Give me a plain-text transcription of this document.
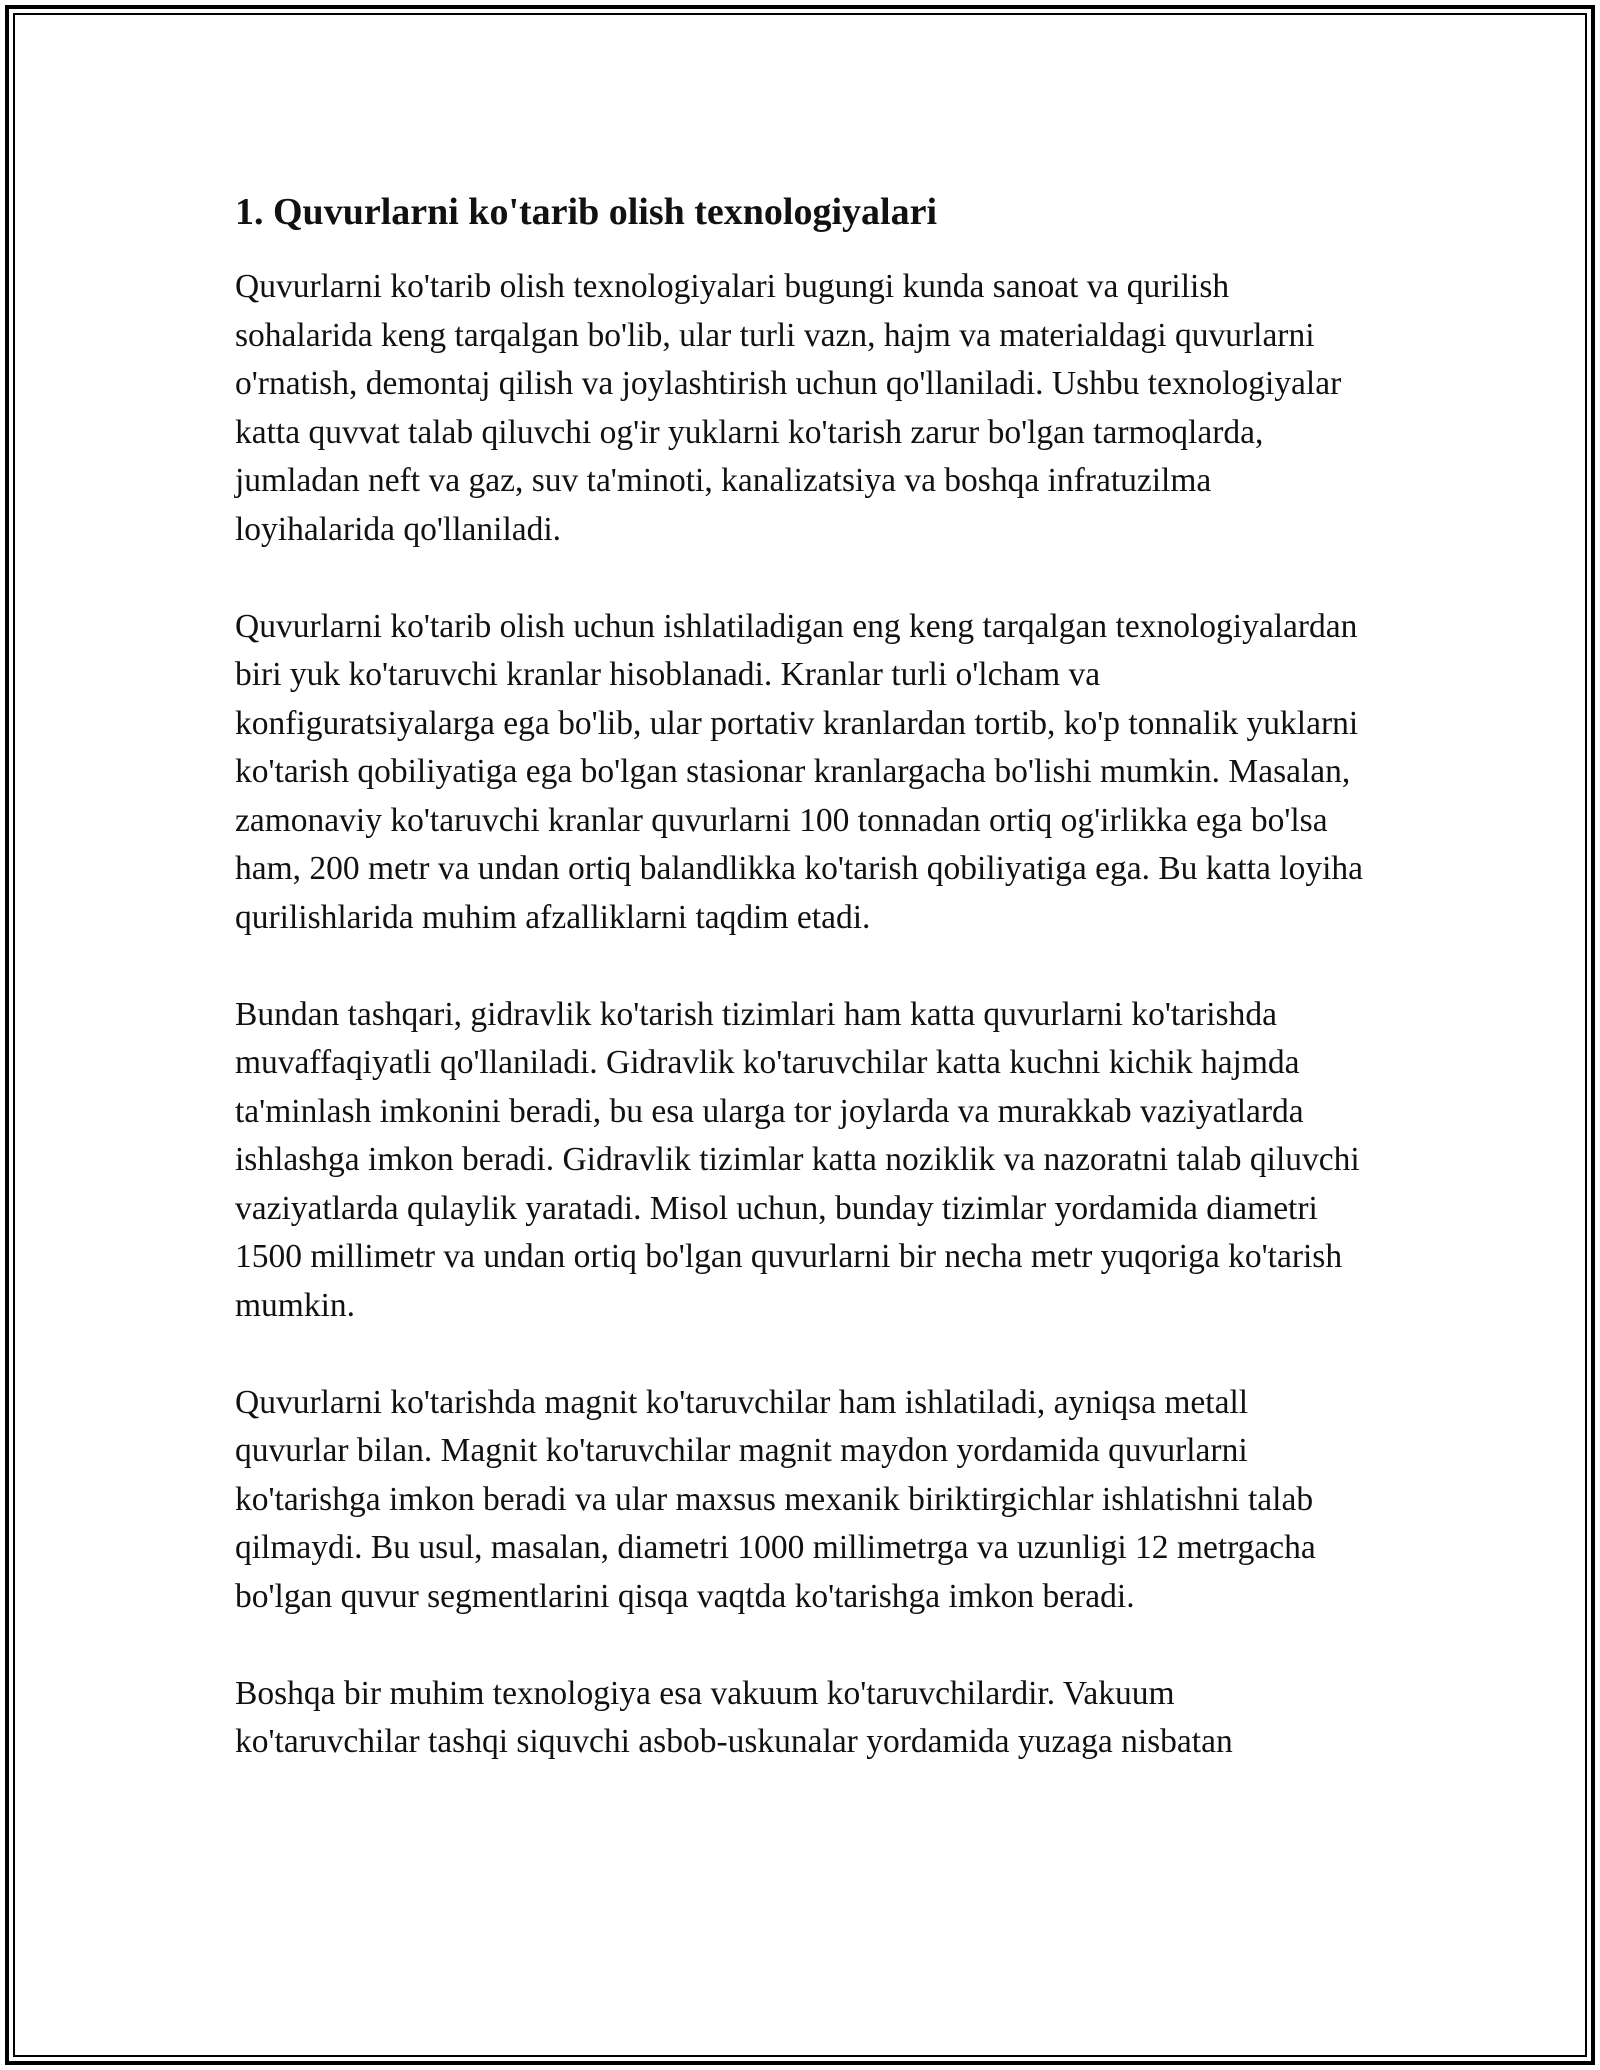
1. Quvurlarni ko'tarib olish texnologiyalari

Quvurlarni ko'tarib olish texnologiyalari bugungi kunda sanoat va qurilish sohalarida keng tarqalgan bo'lib, ular turli vazn, hajm va materialdagi quvurlarni o'rnatish, demontaj qilish va joylashtirish uchun qo'llaniladi. Ushbu texnologiyalar katta quvvat talab qiluvchi og'ir yuklarni ko'tarish zarur bo'lgan tarmoqlarda, jumladan neft va gaz, suv ta'minoti, kanalizatsiya va boshqa infratuzilma loyihalarida qo'llaniladi.

Quvurlarni ko'tarib olish uchun ishlatiladigan eng keng tarqalgan texnologiyalardan biri yuk ko'taruvchi kranlar hisoblanadi. Kranlar turli o'lcham va konfiguratsiyalarga ega bo'lib, ular portativ kranlardan tortib, ko'p tonnalik yuklarni ko'tarish qobiliyatiga ega bo'lgan stasionar kranlargacha bo'lishi mumkin. Masalan, zamonaviy ko'taruvchi kranlar quvurlarni 100 tonnadan ortiq og'irlikka ega bo'lsa ham, 200 metr va undan ortiq balandlikka ko'tarish qobiliyatiga ega. Bu katta loyiha qurilishlarida muhim afzalliklarni taqdim etadi.

Bundan tashqari, gidravlik ko'tarish tizimlari ham katta quvurlarni ko'tarishda muvaffaqiyatli qo'llaniladi. Gidravlik ko'taruvchilar katta kuchni kichik hajmda ta'minlash imkonini beradi, bu esa ularga tor joylarda va murakkab vaziyatlarda ishlashga imkon beradi. Gidravlik tizimlar katta noziklik va nazoratni talab qiluvchi vaziyatlarda qulaylik yaratadi. Misol uchun, bunday tizimlar yordamida diametri 1500 millimetr va undan ortiq bo'lgan quvurlarni bir necha metr yuqoriga ko'tarish mumkin.

Quvurlarni ko'tarishda magnit ko'taruvchilar ham ishlatiladi, ayniqsa metall quvurlar bilan. Magnit ko'taruvchilar magnit maydon yordamida quvurlarni ko'tarishga imkon beradi va ular maxsus mexanik biriktirgichlar ishlatishni talab qilmaydi. Bu usul, masalan, diametri 1000 millimetrga va uzunligi 12 metrgacha bo'lgan quvur segmentlarini qisqa vaqtda ko'tarishga imkon beradi.

Boshqa bir muhim texnologiya esa vakuum ko'taruvchilardir. Vakuum ko'taruvchilar tashqi siquvchi asbob-uskunalar yordamida yuzaga nisbatan
